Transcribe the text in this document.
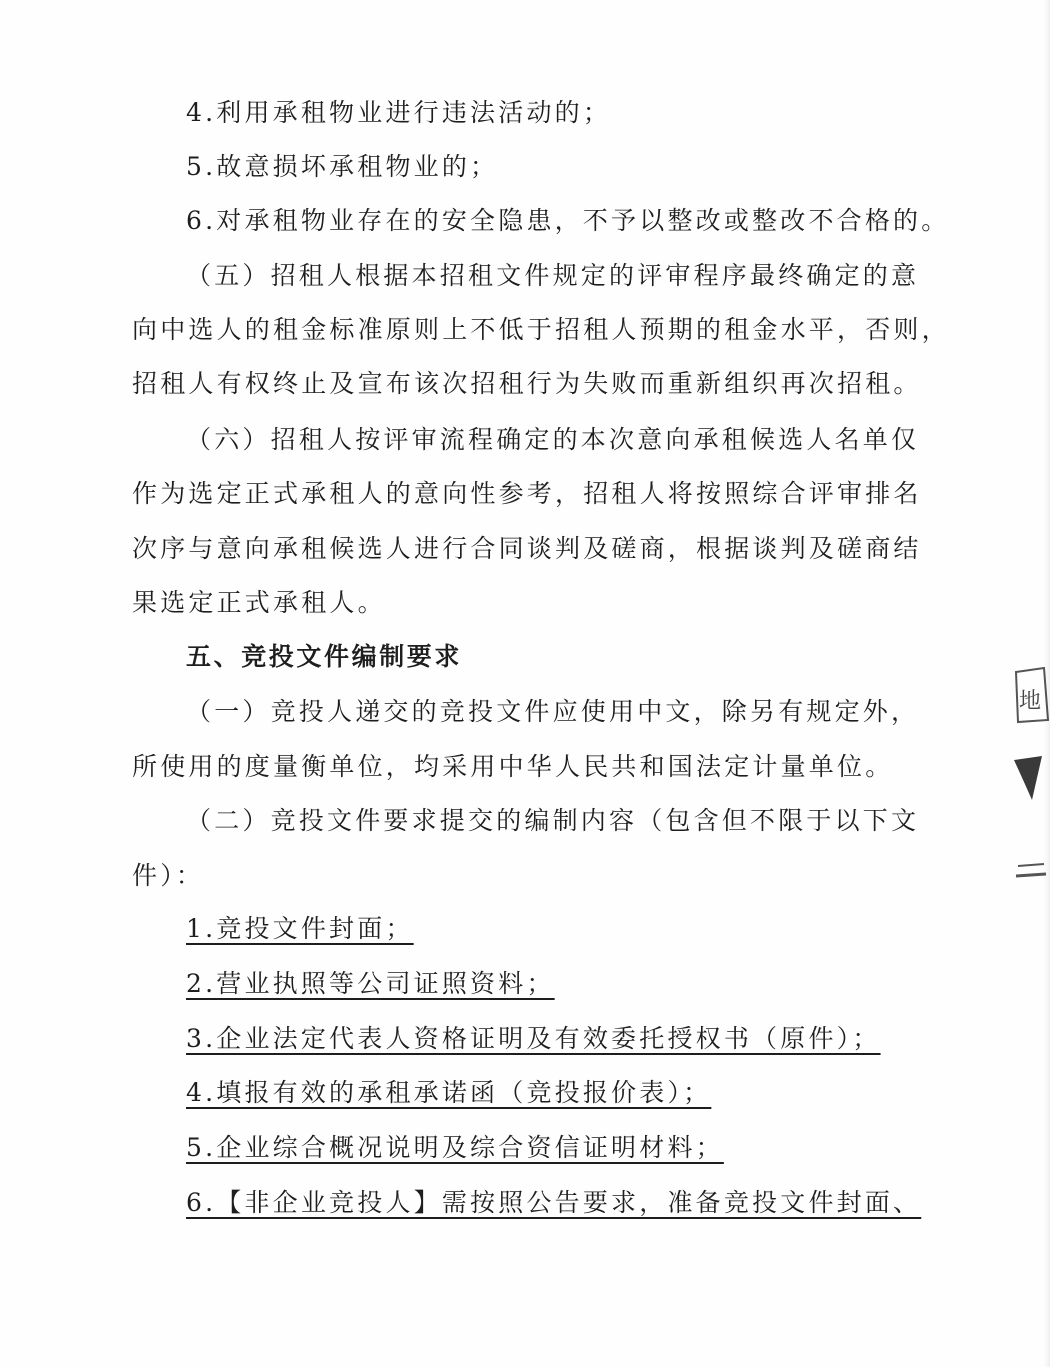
4.利用承租物业进行违法活动的；
5.故意损坏承租物业的；
6.对承租物业存在的安全隐患，不予以整改或整改不合格的。
（五）招租人根据本招租文件规定的评审程序最终确定的意
向中选人的租金标准原则上不低于招租人预期的租金水平，否则，
招租人有权终止及宣布该次招租行为失败而重新组织再次招租。
（六）招租人按评审流程确定的本次意向承租候选人名单仅
作为选定正式承租人的意向性参考，招租人将按照综合评审排名
次序与意向承租候选人进行合同谈判及磋商，根据谈判及磋商结
果选定正式承租人。
五、竞投文件编制要求
（一）竞投人递交的竞投文件应使用中文，除另有规定外，
所使用的度量衡单位，均采用中华人民共和国法定计量单位。
（二）竞投文件要求提交的编制内容（包含但不限于以下文
件）：
1.竞投文件封面；
2.营业执照等公司证照资料；
3.企业法定代表人资格证明及有效委托授权书（原件）；
4.填报有效的承租承诺函（竞投报价表）；
5.企业综合概况说明及综合资信证明材料；
6.【非企业竞投人】需按照公告要求，准备竞投文件封面、
地
